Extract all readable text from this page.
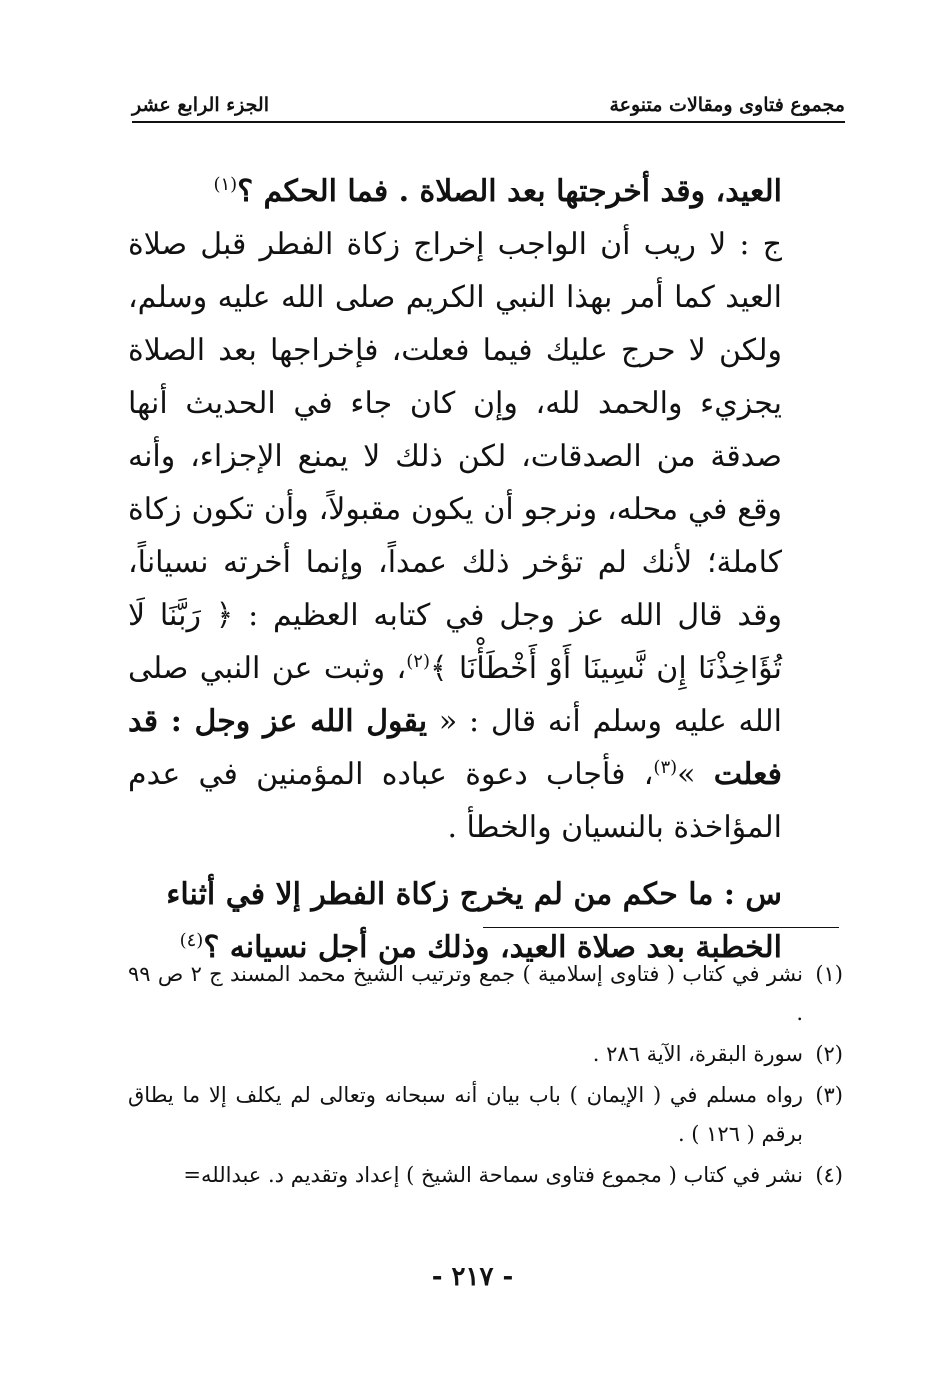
مجموع فتاوى ومقالات متنوعة
الجزء الرابع عشر

العيد، وقد أخرجتها بعد الصلاة . فما الحكم ؟$^{(١)}$

ج : لا ريب أن الواجب إخراج زكاة الفطر قبل صلاة العيد كما أمر بهذا النبي الكريم صلى الله عليه وسلم، ولكن لا حرج عليك فيما فعلت، فإخراجها بعد الصلاة يجزيء والحمد لله، وإن كان جاء في الحديث أنها صدقة من الصدقات، لكن ذلك لا يمنع الإجزاء، وأنه وقع في محله، ونرجو أن يكون مقبولاً، وأن تكون زكاة كاملة؛ لأنك لم تؤخر ذلك عمداً، وإنما أخرته نسياناً، وقد قال الله عز وجل في كتابه العظيم : ﴿ رَبَّنَا لَا تُؤَاخِذْنَا إِن نَّسِينَا أَوْ أَخْطَأْنَا ﴾$^{(٢)}$، وثبت عن النبي صلى الله عليه وسلم أنه قال : « يقول الله عز وجل : قد فعلت »$^{(٣)}$، فأجاب دعوة عباده المؤمنين في عدم المؤاخذة بالنسيان والخطأ .

س : ما حكم من لم يخرج زكاة الفطر إلا في أثناء الخطبة بعد صلاة العيد، وذلك من أجل نسيانه ؟$^{(٤)}$

(١)
نشر في كتاب ( فتاوى إسلامية ) جمع وترتيب الشيخ محمد المسند ج ٢ ص ٩٩ .
(٢)
سورة البقرة، الآية ٢٨٦ .
(٣)
رواه مسلم في ( الإيمان ) باب بيان أنه سبحانه وتعالى لم يكلف إلا ما يطاق برقم ( ١٢٦ ) .
(٤)
نشر في كتاب ( مجموع فتاوى سماحة الشيخ ) إعداد وتقديم د. عبدالله=
- ٢١٧ -
